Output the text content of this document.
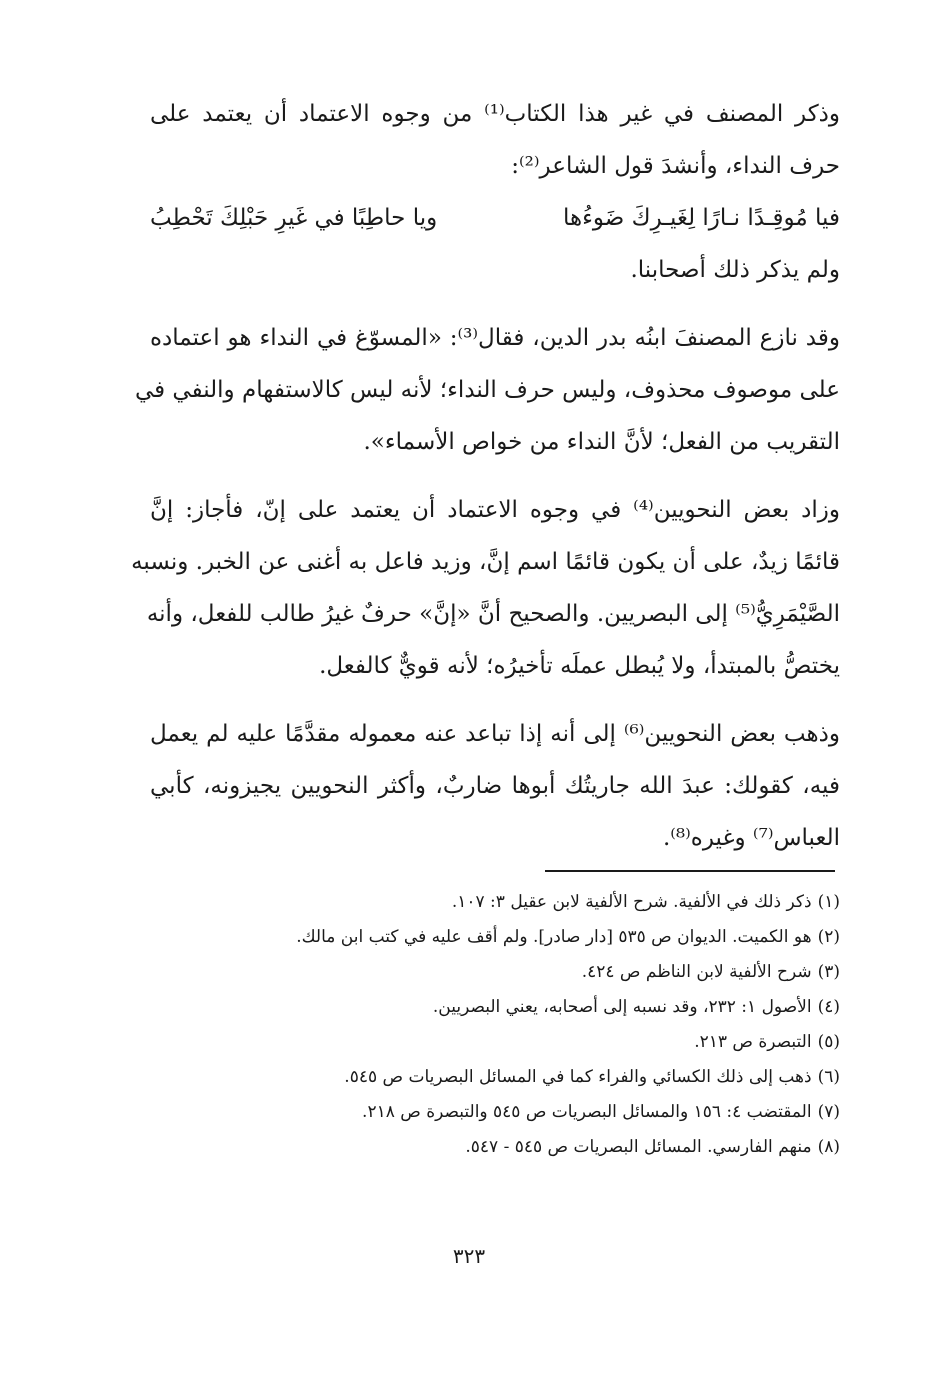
وذكر المصنف في غير هذا الكتاب⁽¹⁾ من وجوه الاعتماد أن يعتمد على
حرف النداء، وأنشدَ قول الشاعر⁽²⁾:
فيا مُوقِـدًا نـارًا لِغَيـرِكَ ضَوءُها
ويا حاطِبًا في غَيرِ حَبْلِكَ تَحْطِبُ
ولم يذكر ذلك أصحابنا.
وقد نازع المصنفَ ابنُه بدر الدين، فقال⁽³⁾: «المسوّغ في النداء هو اعتماده
على موصوف محذوف، وليس حرف النداء؛ لأنه ليس كالاستفهام والنفي في
التقريب من الفعل؛ لأنَّ النداء من خواص الأسماء».
وزاد بعض النحويين⁽⁴⁾ في وجوه الاعتماد أن يعتمد على إنّ، فأجاز: إنَّ
قائمًا زيدٌ، على أن يكون قائمًا اسم إنَّ، وزيد فاعل به أغنى عن الخبر. ونسبه
الصَّيْمَرِيُّ⁽⁵⁾ إلى البصريين. والصحيح أنَّ «إنَّ» حرفٌ غيرُ طالب للفعل، وأنه
يختصُّ بالمبتدأ، ولا يُبطل عملَه تأخيرُه؛ لأنه قويٌّ كالفعل.
وذهب بعض النحويين⁽⁶⁾ إلى أنه إذا تباعد عنه معموله مقدَّمًا عليه لم يعمل
فيه، كقولك: عبدَ الله جاريتُك أبوها ضاربٌ، وأكثر النحويين يجيزونه، كأبي
العباس⁽⁷⁾ وغيره⁽⁸⁾.
(١)ذكر ذلك في الألفية. شرح الألفية لابن عقيل ٣: ١٠٧.
(٢)هو الكميت. الديوان ص ٥٣٥ [دار صادر]. ولم أقف عليه في كتب ابن مالك.
(٣)شرح الألفية لابن الناظم ص ٤٢٤.
(٤)الأصول ١: ٢٣٢، وقد نسبه إلى أصحابه، يعني البصريين.
(٥)التبصرة ص ٢١٣.
(٦)ذهب إلى ذلك الكسائي والفراء كما في المسائل البصريات ص ٥٤٥.
(٧)المقتضب ٤: ١٥٦ والمسائل البصريات ص ٥٤٥ والتبصرة ص ٢١٨.
(٨)منهم الفارسي. المسائل البصريات ص ٥٤٥ - ٥٤٧.
٣٢٣
